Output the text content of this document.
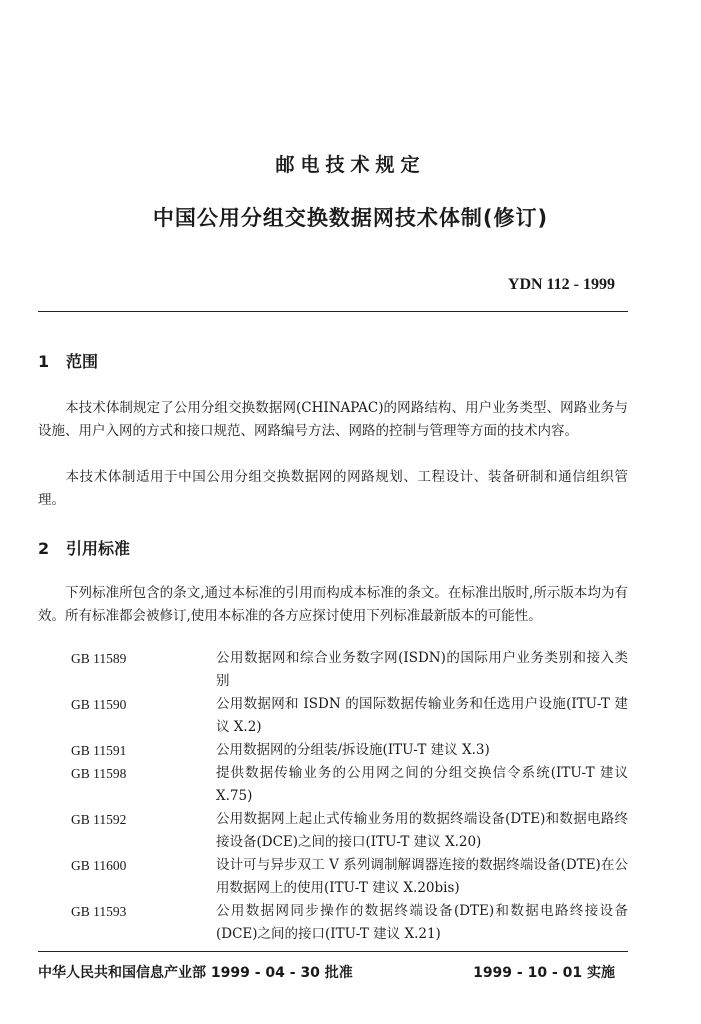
邮电技术规定
中国公用分组交换数据网技术体制(修订)
YDN 112 - 1999
1 范围
本技术体制规定了公用分组交换数据网(CHINAPAC)的网路结构、用户业务类型、网路业务与设施、用户入网的方式和接口规范、网路编号方法、网路的控制与管理等方面的技术内容。
本技术体制适用于中国公用分组交换数据网的网路规划、工程设计、装备研制和通信组织管理。
2 引用标准
下列标准所包含的条文,通过本标准的引用而构成本标准的条文。在标准出版时,所示版本均为有效。所有标准都会被修订,使用本标准的各方应探讨使用下列标准最新版本的可能性。
GB 11589	公用数据网和综合业务数字网(ISDN)的国际用户业务类别和接入类别
GB 11590	公用数据网和 ISDN 的国际数据传输业务和任选用户设施(ITU-T 建议 X.2)
GB 11591	公用数据网的分组装/拆设施(ITU-T 建议 X.3)
GB 11598	提供数据传输业务的公用网之间的分组交换信令系统(ITU-T 建议 X.75)
GB 11592	公用数据网上起止式传输业务用的数据终端设备(DTE)和数据电路终接设备(DCE)之间的接口(ITU-T 建议 X.20)
GB 11600	设计可与异步双工 V 系列调制解调器连接的数据终端设备(DTE)在公用数据网上的使用(ITU-T 建议 X.20bis)
GB 11593	公用数据网同步操作的数据终端设备(DTE)和数据电路终接设备(DCE)之间的接口(ITU-T 建议 X.21)
中华人民共和国信息产业部 1999 - 04 - 30 批准	1999 - 10 - 01 实施
